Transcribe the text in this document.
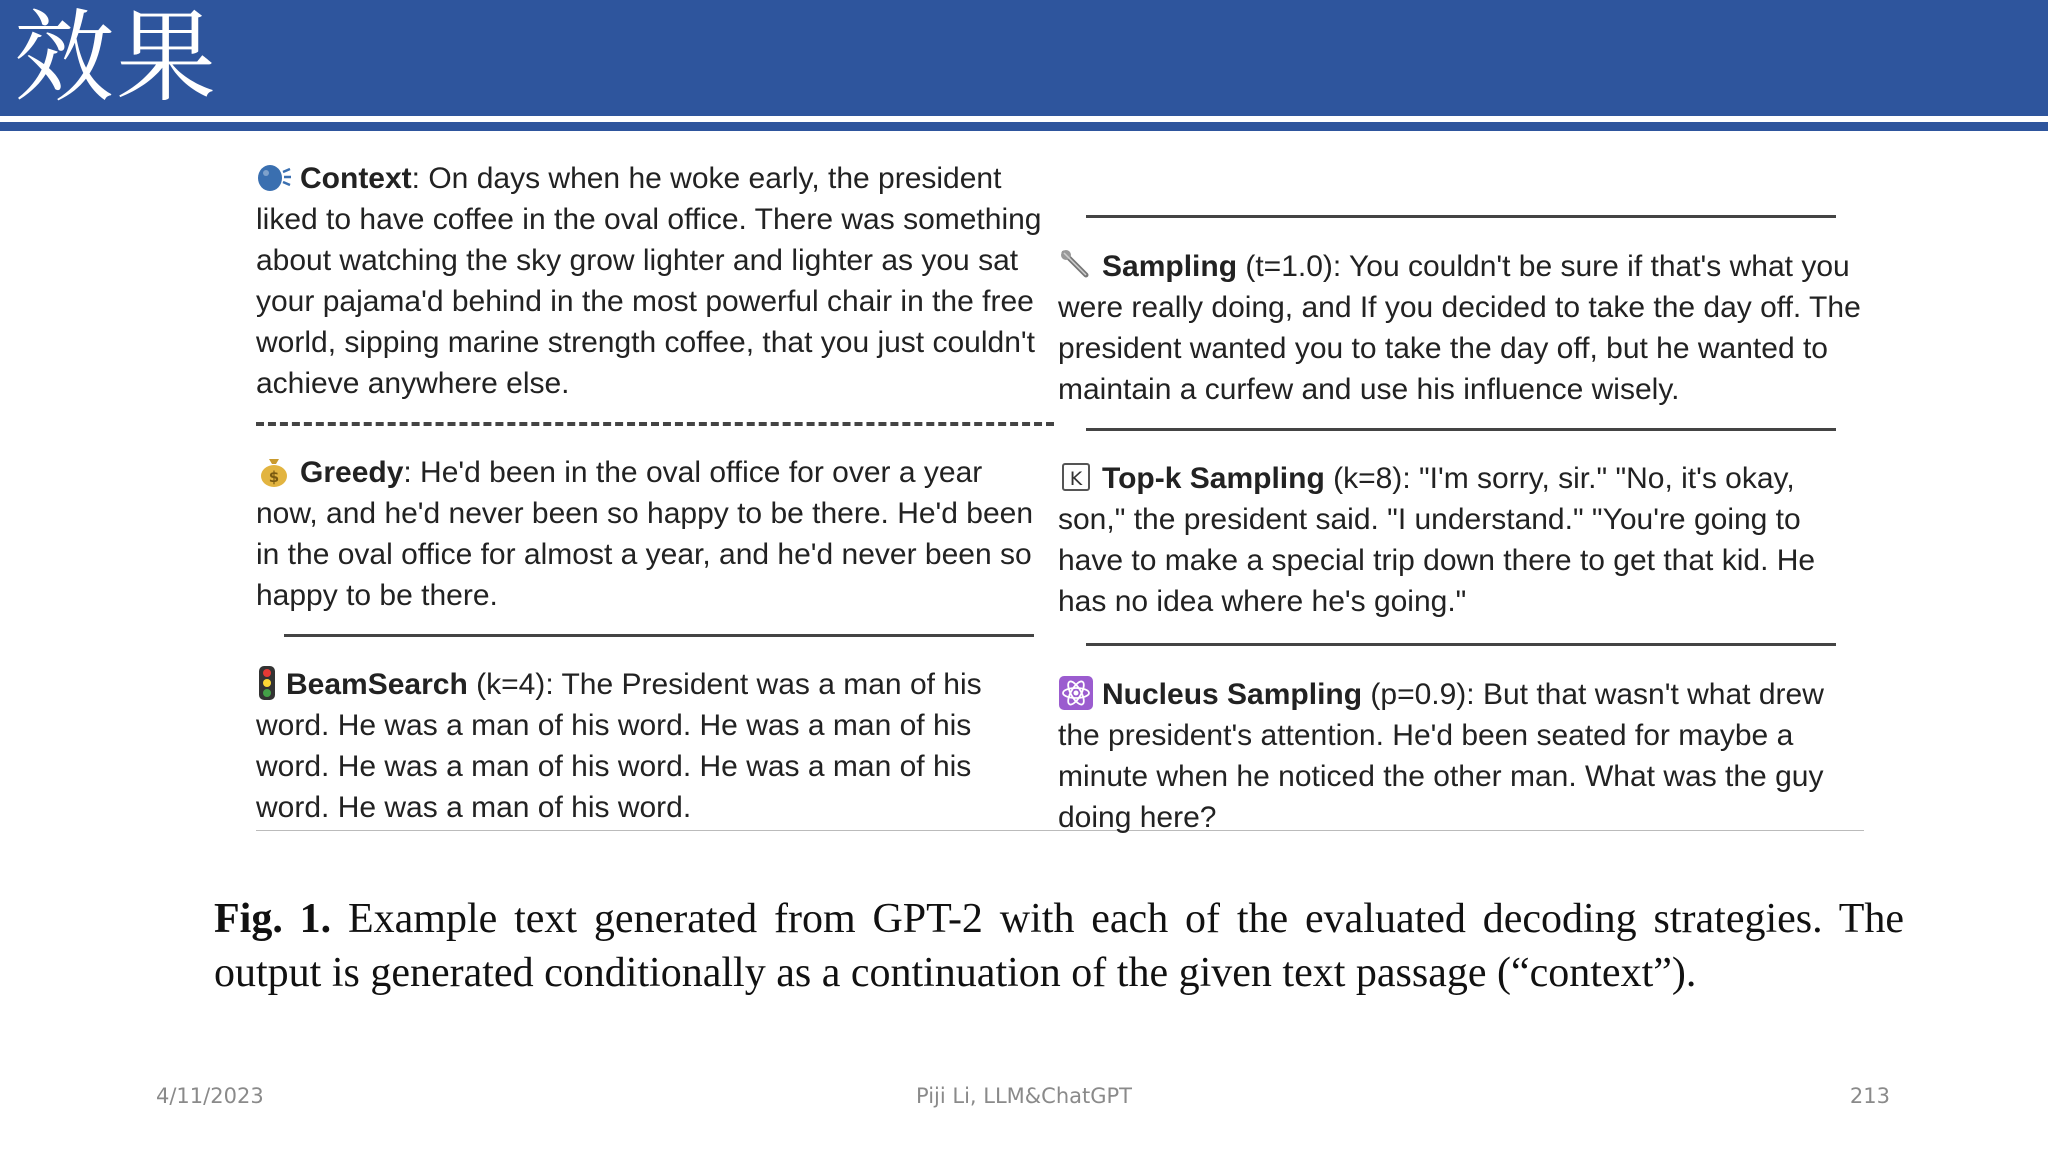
效果
Context: On days when he woke early, the president liked to have coffee in the oval office. There was something about watching the sky grow lighter and lighter as you sat your pajama'd behind in the most powerful chair in the free world, sipping marine strength coffee, that you just couldn't achieve anywhere else.
$ Greedy: He'd been in the oval office for over a year now, and he'd never been so happy to be there. He'd been in the oval office for almost a year, and he'd never been so happy to be there.
BeamSearch (k=4): The President was a man of his word. He was a man of his word. He was a man of his word. He was a man of his word. He was a man of his word. He was a man of his word.
Sampling (t=1.0): You couldn't be sure if that's what you were really doing, and If you decided to take the day off. The president wanted you to take the day off, but he wanted to maintain a curfew and use his influence wisely.
K Top-k Sampling (k=8): "I'm sorry, sir." "No, it's okay, son," the president said. "I understand." "You're going to have to make a special trip down there to get that kid. He has no idea where he's going."
Nucleus Sampling (p=0.9): But that wasn't what drew the president's attention. He'd been seated for maybe a minute when he noticed the other man. What was the guy doing here?
Fig. 1. Example text generated from GPT-2 with each of the evaluated decoding strategies. The output is generated conditionally as a continuation of the given text passage (“context”).
4/11/2023	Piji Li, LLM&ChatGPT	213
